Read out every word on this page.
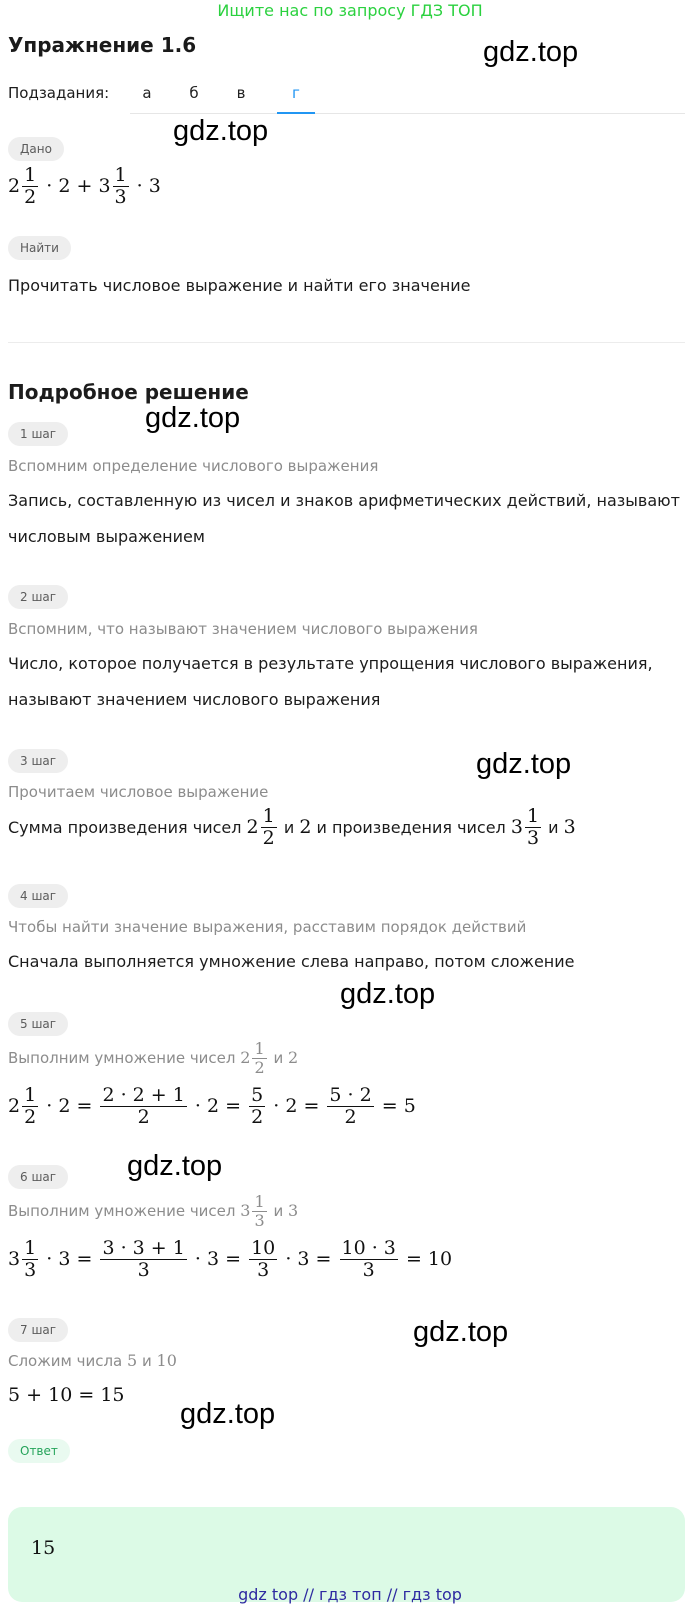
Ищите нас по запросу ГДЗ ТОП
Упражнение 1.6	gdz.top
gdz.top
gdz.top
gdz.top
gdz.top
gdz.top
gdz.top
gdz.top
Подзадания:	а	б	в	г
Дано
$2 \frac{1}{2} \cdot 2 + 3 \frac{1}{3} \cdot 3$
Найти
Прочитать числовое выражение и найти его значение
Подробное решение
1 шаг
Вспомним определение числового выражения
Запись, составленную из чисел и знаков арифметических действий, называют
числовым выражением
2 шаг
Вспомним, что называют значением числового выражения
Число, которое получается в результате упрощения числового выражения,
называют значением числового выражения
3 шаг
Прочитаем числовое выражение
Сумма произведения чисел $2 \frac{1}{2}$ и 2 и произведения чисел $3 \frac{1}{3}$ и 3
4 шаг
Чтобы найти значение выражения, расставим порядок действий
Сначала выполняется умножение слева направо, потом сложение
5 шаг
Выполним умножение чисел $2 \frac{1}{2}$ и 2
$2 \frac{1}{2} \cdot 2 = \frac{2 \cdot 2 + 1}{2} \cdot 2 = \frac{5}{2} \cdot 2 = \frac{5 \cdot 2}{2} = 5$
6 шаг
Выполним умножение чисел $3 \frac{1}{3}$ и 3
$3 \frac{1}{3} \cdot 3 = \frac{3 \cdot 3 + 1}{3} \cdot 3 = \frac{10}{3} \cdot 3 = \frac{10 \cdot 3}{3} = 10$
7 шаг
Сложим числа 5 и 10
5 + 10 = 15
Ответ
15
gdz top // гдз топ // гдз top
